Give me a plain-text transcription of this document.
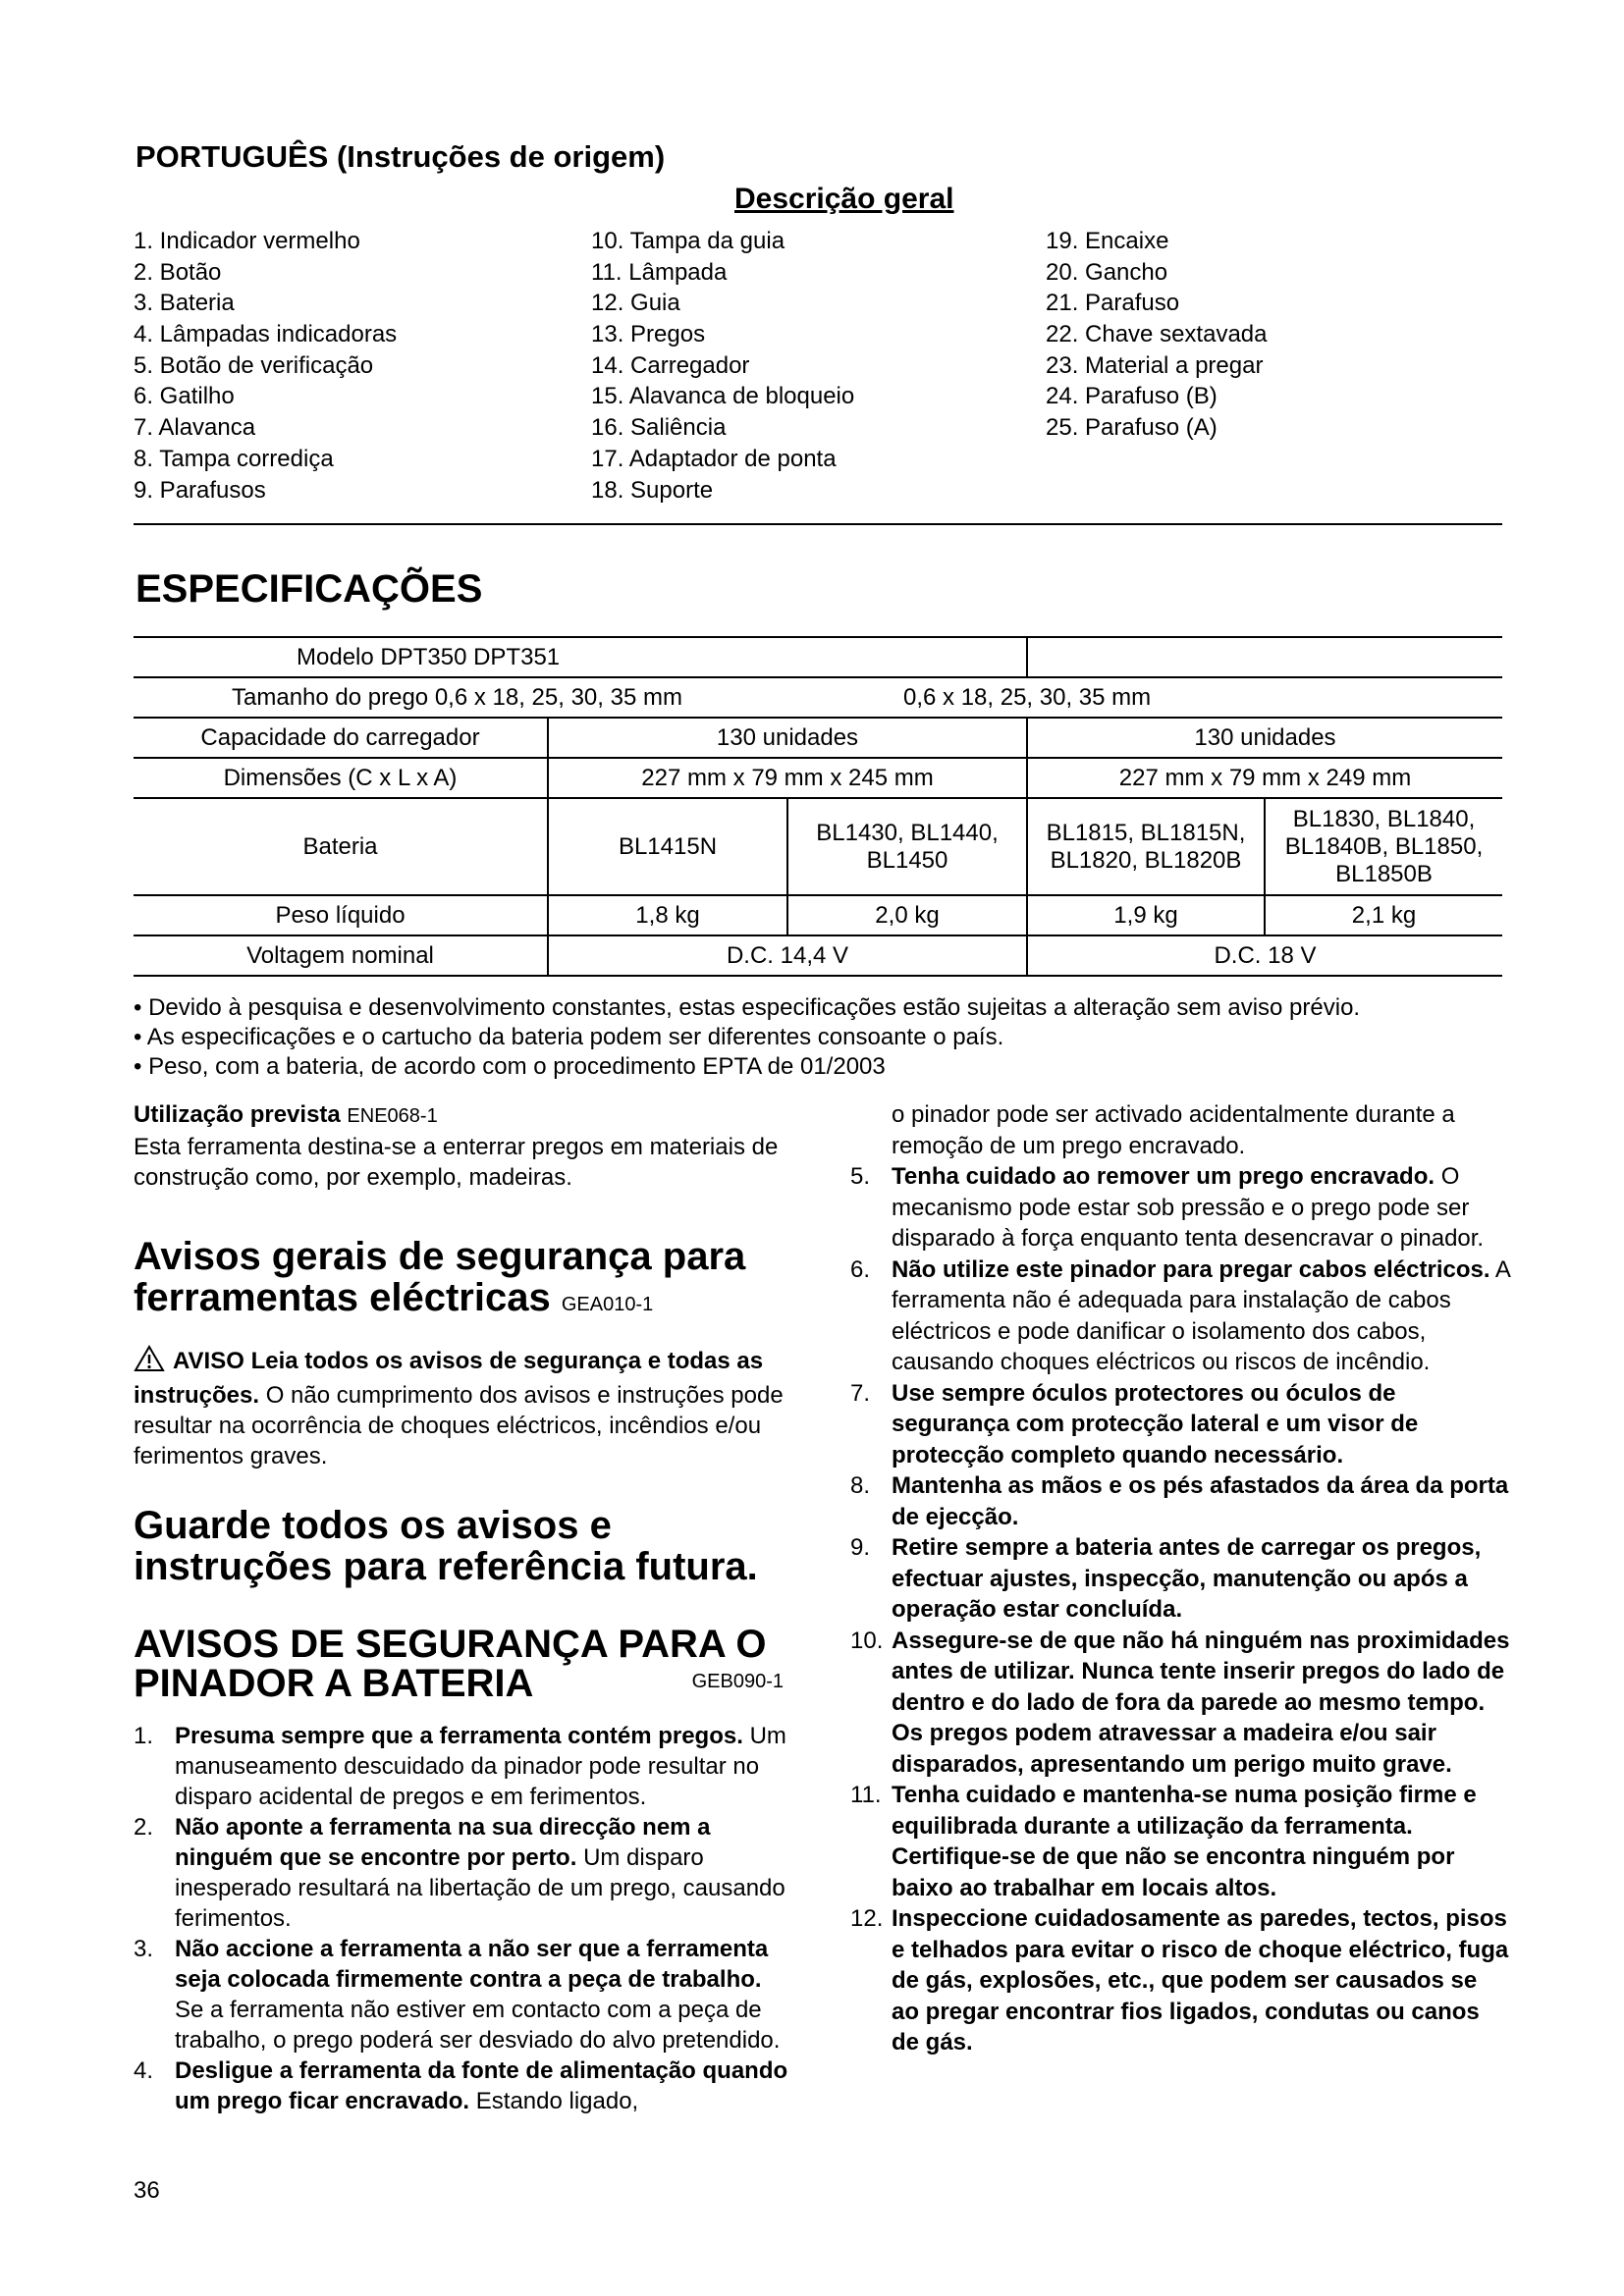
PORTUGUÊS (Instruções de origem)
Descrição geral
1. Indicador vermelho
2. Botão
3. Bateria
4. Lâmpadas indicadoras
5. Botão de verificação
6. Gatilho
7. Alavanca
8. Tampa corrediça
9. Parafusos
10. Tampa da guia
11. Lâmpada
12. Guia
13. Pregos
14. Carregador
15. Alavanca de bloqueio
16. Saliência
17. Adaptador de ponta
18. Suporte
19. Encaixe
20. Gancho
21. Parafuso
22. Chave sextavada
23. Material a pregar
24. Parafuso (B)
25. Parafuso (A)
ESPECIFICAÇÕES
Modelo DPT350 DPT351				
Tamanho do prego 0,6 x 18, 25, 30, 35 mm		0,6 x 18, 25, 30, 35 mm		
Capacidade do carregador	130 unidades		130 unidades	
Dimensões (C x L x A)	227 mm x 79 mm x 245 mm		227 mm x 79 mm x 249 mm	
Bateria	BL1415N	BL1430, BL1440, BL1450	BL1815, BL1815N, BL1820, BL1820B	BL1830, BL1840, BL1840B, BL1850, BL1850B
Peso líquido	1,8 kg	2,0 kg	1,9 kg	2,1 kg
Voltagem nominal	D.C. 14,4 V		D.C. 18 V	
• Devido à pesquisa e desenvolvimento constantes, estas especificações estão sujeitas a alteração sem aviso prévio.
• As especificações e o cartucho da bateria podem ser diferentes consoante o país.
• Peso, com a bateria, de acordo com o procedimento EPTA de 01/2003

Utilização prevista ENE068-1
Esta ferramenta destina-se a enterrar pregos em materiais de construção como, por exemplo, madeiras.

Avisos gerais de segurança para ferramentas eléctricas GEA010-1

AVISO Leia todos os avisos de segurança e todas as instruções. O não cumprimento dos avisos e instruções pode resultar na ocorrência de choques eléctricos, incêndios e/ou ferimentos graves.

Guarde todos os avisos e instruções para referência futura.
AVISOS DE SEGURANÇA PARA O
PINADOR A BATERIA	GEB090-1

1. Presuma sempre que a ferramenta contém pregos. Um manuseamento descuidado da pinador pode resultar no disparo acidental de pregos e em ferimentos.

2. Não aponte a ferramenta na sua direcção nem a ninguém que se encontre por perto. Um disparo inesperado resultará na libertação de um prego, causando ferimentos.

3. Não accione a ferramenta a não ser que a ferramenta seja colocada firmemente contra a peça de trabalho. Se a ferramenta não estiver em contacto com a peça de trabalho, o prego poderá ser desviado do alvo pretendido.

4. Desligue a ferramenta da fonte de alimentação quando um prego ficar encravado. Estando ligado,

o pinador pode ser activado acidentalmente durante a remoção de um prego encravado.

5. Tenha cuidado ao remover um prego encravado. O mecanismo pode estar sob pressão e o prego pode ser disparado à força enquanto tenta desencravar o pinador.

6. Não utilize este pinador para pregar cabos eléctricos. A ferramenta não é adequada para instalação de cabos eléctricos e pode danificar o isolamento dos cabos, causando choques eléctricos ou riscos de incêndio.

7. Use sempre óculos protectores ou óculos de segurança com protecção lateral e um visor de protecção completo quando necessário.

8. Mantenha as mãos e os pés afastados da área da porta de ejecção.

9. Retire sempre a bateria antes de carregar os pregos, efectuar ajustes, inspecção, manutenção ou após a operação estar concluída.

10. Assegure-se de que não há ninguém nas proximidades antes de utilizar. Nunca tente inserir pregos do lado de dentro e do lado de fora da parede ao mesmo tempo. Os pregos podem atravessar a madeira e/ou sair disparados, apresentando um perigo muito grave.

11. Tenha cuidado e mantenha-se numa posição firme e equilibrada durante a utilização da ferramenta. Certifique-se de que não se encontra ninguém por baixo ao trabalhar em locais altos.

12. Inspeccione cuidadosamente as paredes, tectos, pisos e telhados para evitar o risco de choque eléctrico, fuga de gás, explosões, etc., que podem ser causados se ao pregar encontrar fios ligados, condutas ou canos de gás.

36
